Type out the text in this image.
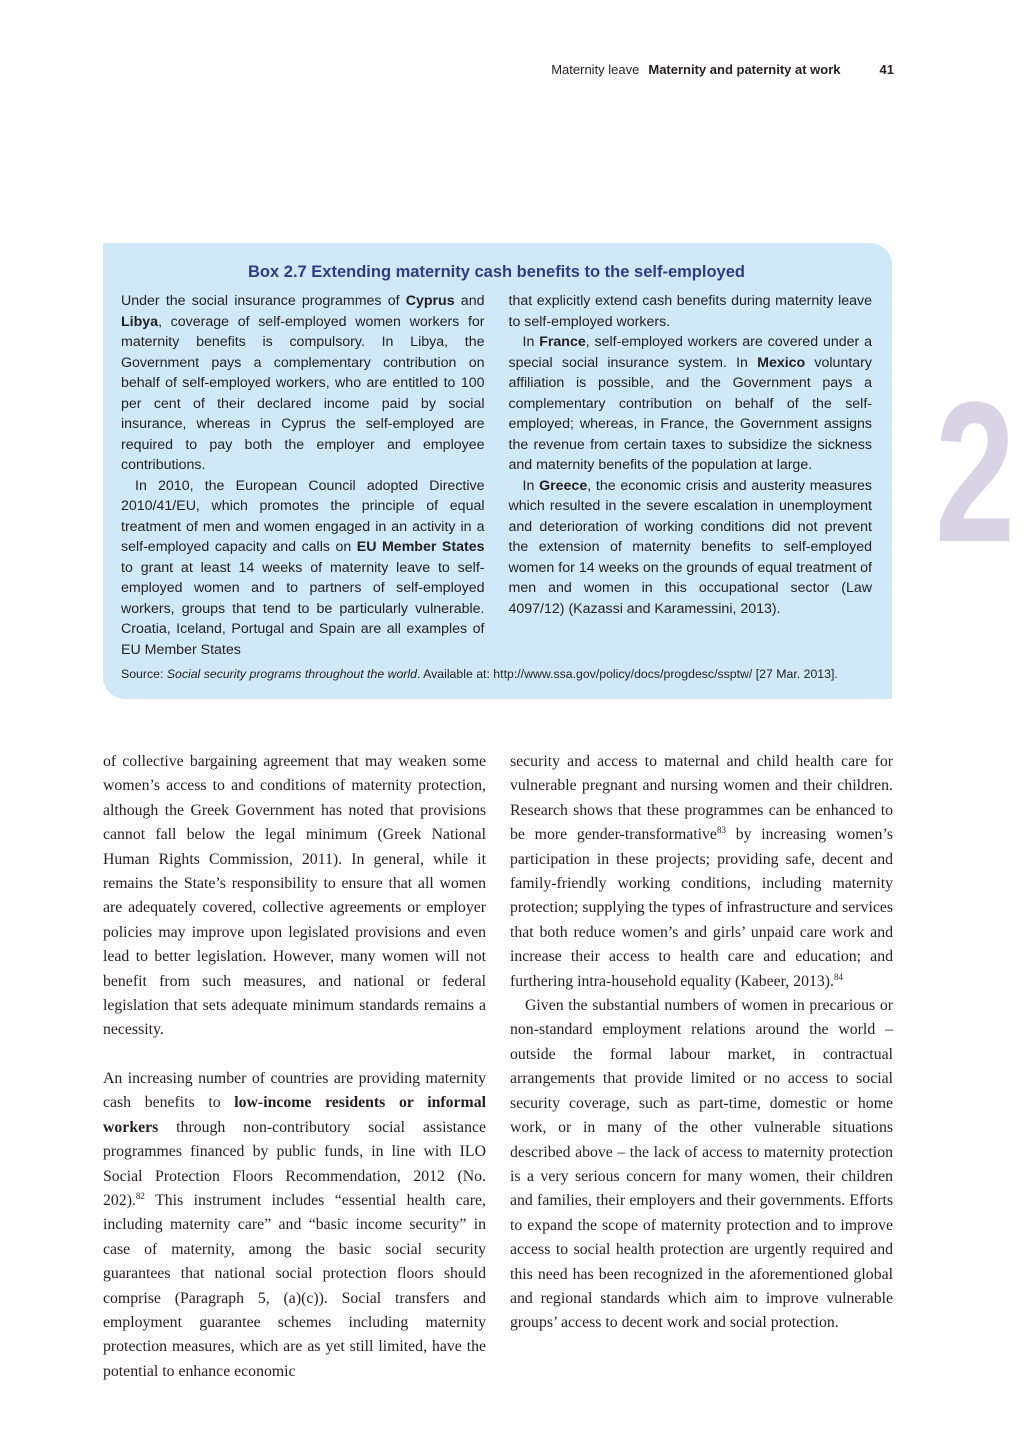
Maternity leave Maternity and paternity at work	41
2
Box 2.7 Extending maternity cash benefits to the self-employed

Under the social insurance programmes of Cyprus and Libya, coverage of self-employed women workers for maternity benefits is compulsory. In Libya, the Government pays a complementary contribution on behalf of self-employed workers, who are entitled to 100 per cent of their declared income paid by social insurance, whereas in Cyprus the self-employed are required to pay both the employer and employee contributions.

In 2010, the European Council adopted Directive 2010/41/EU, which promotes the principle of equal treatment of men and women engaged in an activity in a self-employed capacity and calls on EU Member States to grant at least 14 weeks of maternity leave to self-employed women and to partners of self-employed workers, groups that tend to be particularly vulnerable. Croatia, Iceland, Portugal and Spain are all examples of EU Member States

that explicitly extend cash benefits during maternity leave to self-employed workers.

In France, self-employed workers are covered under a special social insurance system. In Mexico voluntary affiliation is possible, and the Government pays a complementary contribution on behalf of the self-employed; whereas, in France, the Government assigns the revenue from certain taxes to subsidize the sickness and maternity benefits of the population at large.

In Greece, the economic crisis and austerity measures which resulted in the severe escalation in unemployment and deterioration of working conditions did not prevent the extension of maternity benefits to self-employed women for 14 weeks on the grounds of equal treatment of men and women in this occupational sector (Law 4097/12) (Kazassi and Karamessini, 2013).

Source: Social security programs throughout the world. Available at: http://www.ssa.gov/policy/docs/progdesc/ssptw/ [27 Mar. 2013].

of collective bargaining agreement that may weaken some women’s access to and conditions of maternity protection, although the Greek Government has noted that provisions cannot fall below the legal minimum (Greek National Human Rights Commission, 2011). In general, while it remains the State’s responsibility to ensure that all women are adequately covered, collective agreements or employer policies may improve upon legislated provisions and even lead to better legislation. However, many women will not benefit from such measures, and national or federal legislation that sets adequate minimum standards remains a necessity.

An increasing number of countries are providing maternity cash benefits to low-income residents or informal workers through non-contributory social assistance programmes financed by public funds, in line with ILO Social Protection Floors Recommendation, 2012 (No. 202).$^{82}$ This instrument includes “essential health care, including maternity care” and “basic income security” in case of maternity, among the basic social security guarantees that national social protection floors should comprise (Paragraph 5, (a)(c)). Social transfers and employment guarantee schemes including maternity protection measures, which are as yet still limited, have the potential to enhance economic

security and access to maternal and child health care for vulnerable pregnant and nursing women and their children. Research shows that these programmes can be enhanced to be more gender-transformative$^{83}$ by increasing women’s participation in these projects; providing safe, decent and family-friendly working conditions, including maternity protection; supplying the types of infrastructure and services that both reduce women’s and girls’ unpaid care work and increase their access to health care and education; and furthering intra-household equality (Kabeer, 2013).$^{84}$

Given the substantial numbers of women in precarious or non-standard employment relations around the world – outside the formal labour market, in contractual arrangements that provide limited or no access to social security coverage, such as part-time, domestic or home work, or in many of the other vulnerable situations described above – the lack of access to maternity protection is a very serious concern for many women, their children and families, their employers and their governments. Efforts to expand the scope of maternity protection and to improve access to social health protection are urgently required and this need has been recognized in the aforementioned global and regional standards which aim to improve vulnerable groups’ access to decent work and social protection.
